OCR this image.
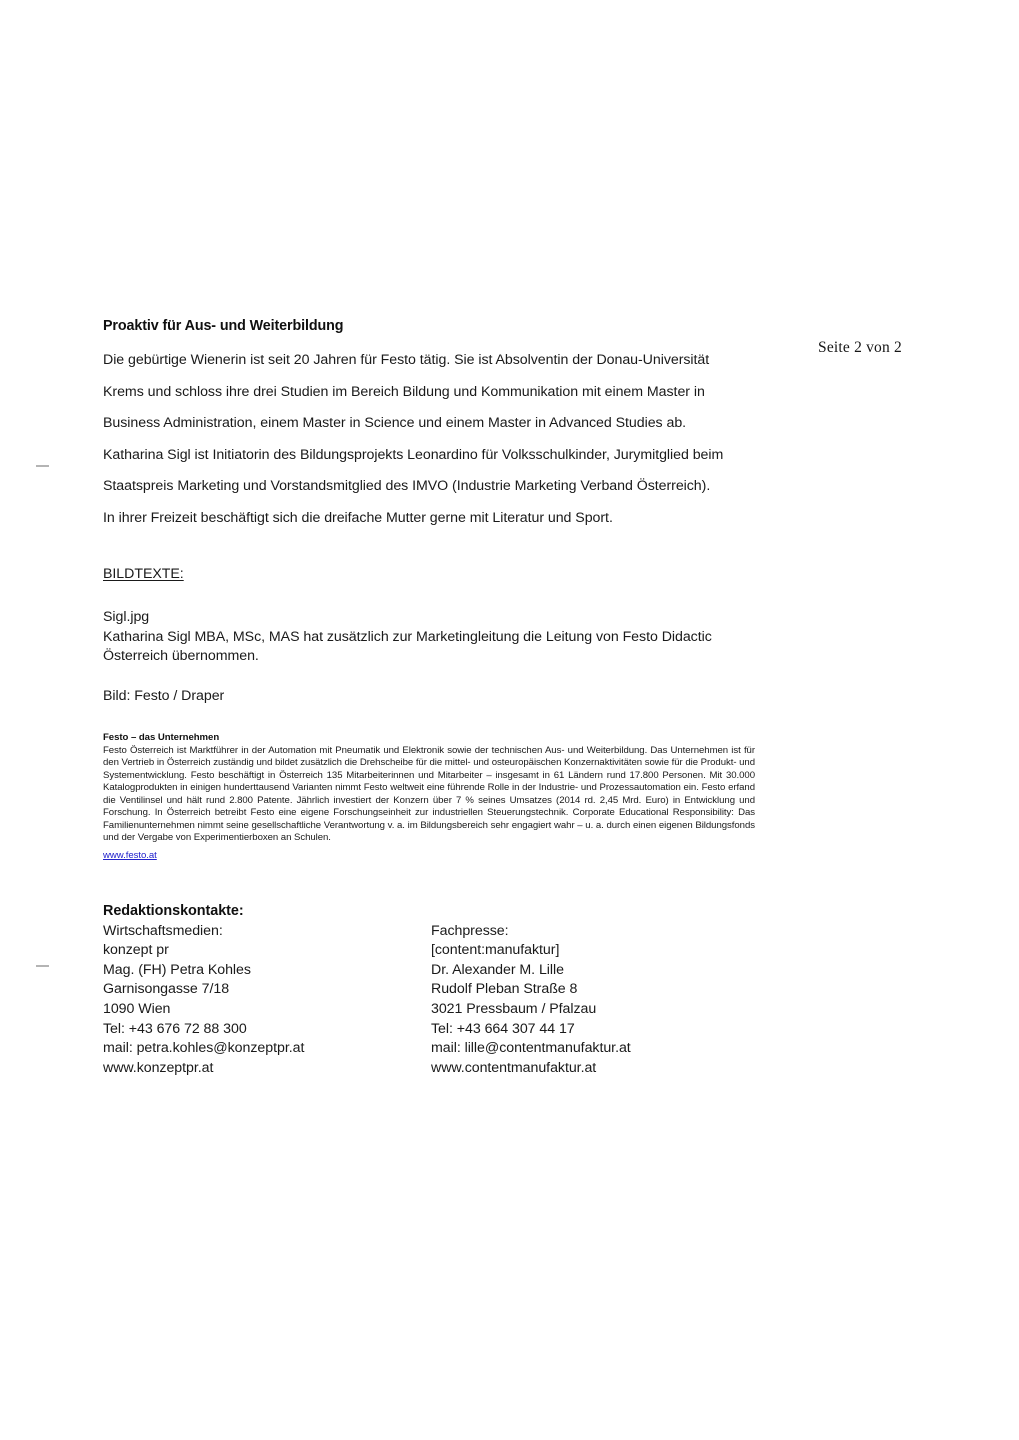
Seite 2 von 2
Proaktiv für Aus- und Weiterbildung
Die gebürtige Wienerin ist seit 20 Jahren für Festo tätig. Sie ist Absolventin der Donau-Universität
Krems und schloss ihre drei Studien im Bereich Bildung und Kommunikation mit einem Master in
Business Administration, einem Master in Science und einem Master in Advanced Studies ab.
Katharina Sigl ist Initiatorin des Bildungsprojekts Leonardino für Volksschulkinder, Jurymitglied beim
Staatspreis Marketing und Vorstandsmitglied des IMVO (Industrie Marketing Verband Österreich).
In ihrer Freizeit beschäftigt sich die dreifache Mutter gerne mit Literatur und Sport.
BILDTEXTE:
Sigl.jpg
Katharina Sigl MBA, MSc, MAS hat zusätzlich zur Marketingleitung die Leitung von Festo Didactic
Österreich übernommen.
Bild: Festo / Draper
Festo – das Unternehmen

Festo Österreich ist Marktführer in der Automation mit Pneumatik und Elektronik sowie der technischen Aus- und Weiterbildung. Das Unternehmen ist für den Vertrieb in Österreich zuständig und bildet zusätzlich die Drehscheibe für die mittel- und osteuropäischen Konzernaktivitäten sowie für die Produkt- und Systementwicklung. Festo beschäftigt in Österreich 135 Mitarbeiterinnen und Mitarbeiter – insgesamt in 61 Ländern rund 17.800 Personen. Mit 30.000 Katalogprodukten in einigen hunderttausend Varianten nimmt Festo weltweit eine führende Rolle in der Industrie- und Prozessautomation ein. Festo erfand die Ventilinsel und hält rund 2.800 Patente. Jährlich investiert der Konzern über 7 % seines Umsatzes (2014 rd. 2,45 Mrd. Euro) in Entwicklung und Forschung. In Österreich betreibt Festo eine eigene Forschungseinheit zur industriellen Steuerungstechnik. Corporate Educational Responsibility: Das Familienunternehmen nimmt seine gesellschaftliche Verantwortung v. a. im Bildungsbereich sehr engagiert wahr – u. a. durch einen eigenen Bildungsfonds und der Vergabe von Experimentierboxen an Schulen.

www.festo.at
Redaktionskontakte:
Wirtschaftsmedien:
konzept pr
Mag. (FH) Petra Kohles
Garnisongasse 7/18
1090 Wien
Tel: +43 676 72 88 300
mail: petra.kohles@konzeptpr.at
www.konzeptpr.at
Fachpresse:
[content:manufaktur]
Dr. Alexander M. Lille
Rudolf Pleban Straße 8
3021 Pressbaum / Pfalzau
Tel: +43 664 307 44 17
mail: lille@contentmanufaktur.at
www.contentmanufaktur.at
